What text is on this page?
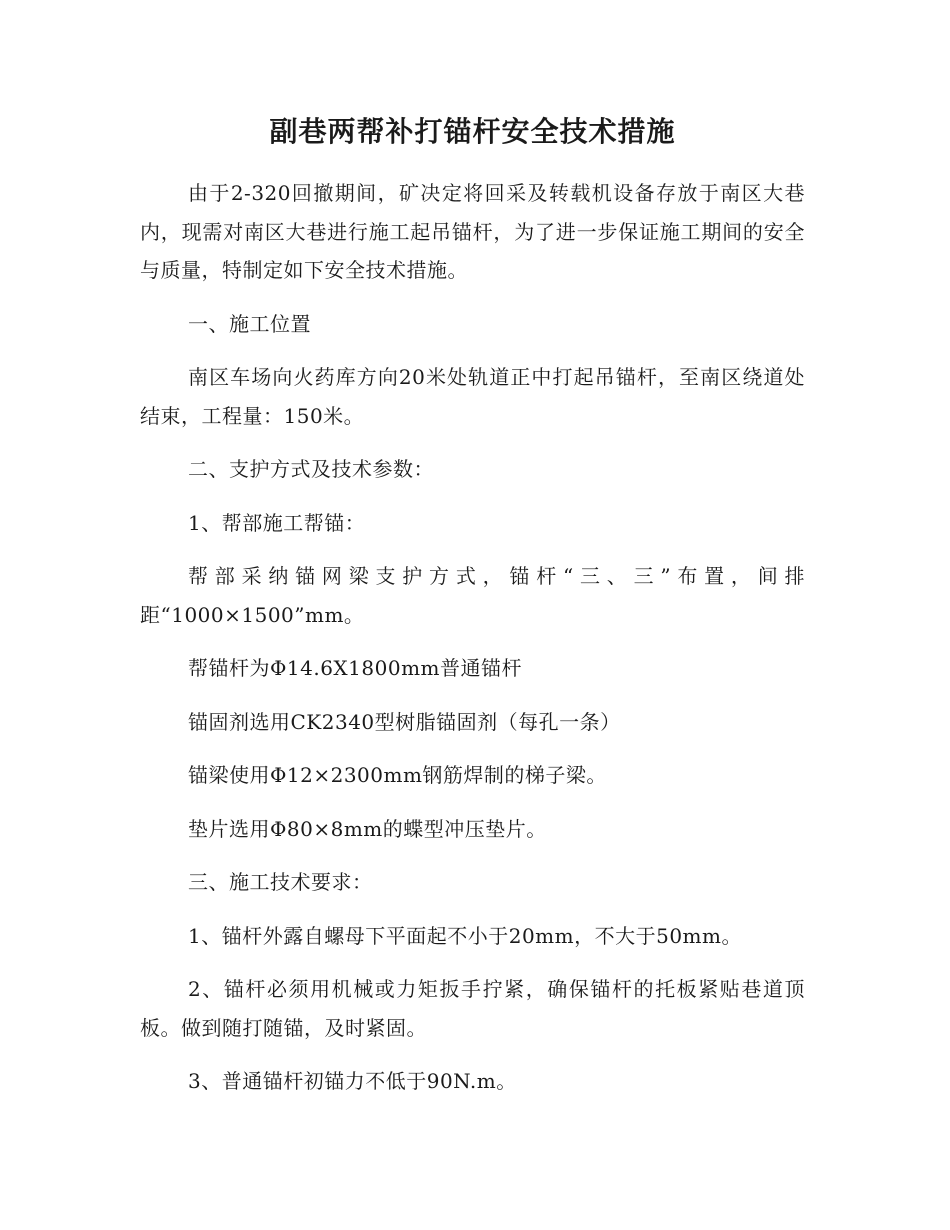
副巷两帮补打锚杆安全技术措施

由于2-320回撤期间，矿决定将回采及转载机设备存放于南区大巷内，现需对南区大巷进行施工起吊锚杆，为了进一步保证施工期间的安全与质量，特制定如下安全技术措施。

一、施工位置

南区车场向火药库方向20米处轨道正中打起吊锚杆，至南区绕道处结束，工程量：150米。

二、支护方式及技术参数：

1、帮部施工帮锚：

帮部采纳锚网梁支护方式，锚杆“三、三”布置，间排距“1000×1500”mm。

帮锚杆为Φ14.6X1800mm普通锚杆

锚固剂选用CK2340型树脂锚固剂（每孔一条）

锚梁使用Φ12×2300mm钢筋焊制的梯子梁。

垫片选用Φ80×8mm的蝶型冲压垫片。

三、施工技术要求：

1、锚杆外露自螺母下平面起不小于20mm，不大于50mm。

2、锚杆必须用机械或力矩扳手拧紧，确保锚杆的托板紧贴巷道顶板。做到随打随锚，及时紧固。

3、普通锚杆初锚力不低于90N.m。
